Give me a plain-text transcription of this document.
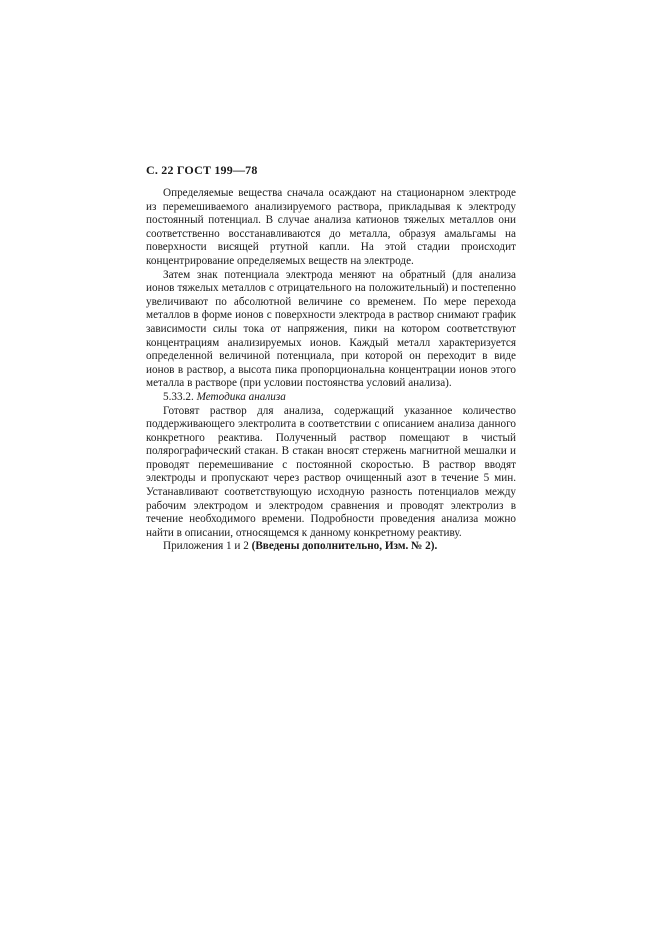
С. 22 ГОСТ 199—78

Определяемые вещества сначала осаждают на стационарном электроде из перемешиваемого анализируемого раствора, прикладывая к электроду постоянный потенциал. В случае анализа катионов тяжелых металлов они соответственно восстанавливаются до металла, образуя амальгамы на поверхности висящей ртутной капли. На этой стадии происходит концентрирование определяемых веществ на электроде.

Затем знак потенциала электрода меняют на обратный (для анализа ионов тяжелых металлов с отрицательного на положительный) и постепенно увеличивают по абсолютной величине со временем. По мере перехода металлов в форме ионов с поверхности электрода в раствор снимают график зависимости силы тока от напряжения, пики на котором соответствуют концентрациям анализируемых ионов. Каждый металл характеризуется определенной величиной потенциала, при которой он переходит в виде ионов в раствор, а высота пика пропорциональна концентрации ионов этого металла в растворе (при условии постоянства условий анализа).

5.33.2. Методика анализа

Готовят раствор для анализа, содержащий указанное количество поддерживающего электролита в соответствии с описанием анализа данного конкретного реактива. Полученный раствор помещают в чистый полярографический стакан. В стакан вносят стержень магнитной мешалки и проводят перемешивание с постоянной скоростью. В раствор вводят электроды и пропускают через раствор очищенный азот в течение 5 мин. Устанавливают соответствующую исходную разность потенциалов между рабочим электродом и электродом сравнения и проводят электролиз в течение необходимого времени. Подробности проведения анализа можно найти в описании, относящемся к данному конкретному реактиву.

Приложения 1 и 2 (Введены дополнительно, Изм. № 2).
